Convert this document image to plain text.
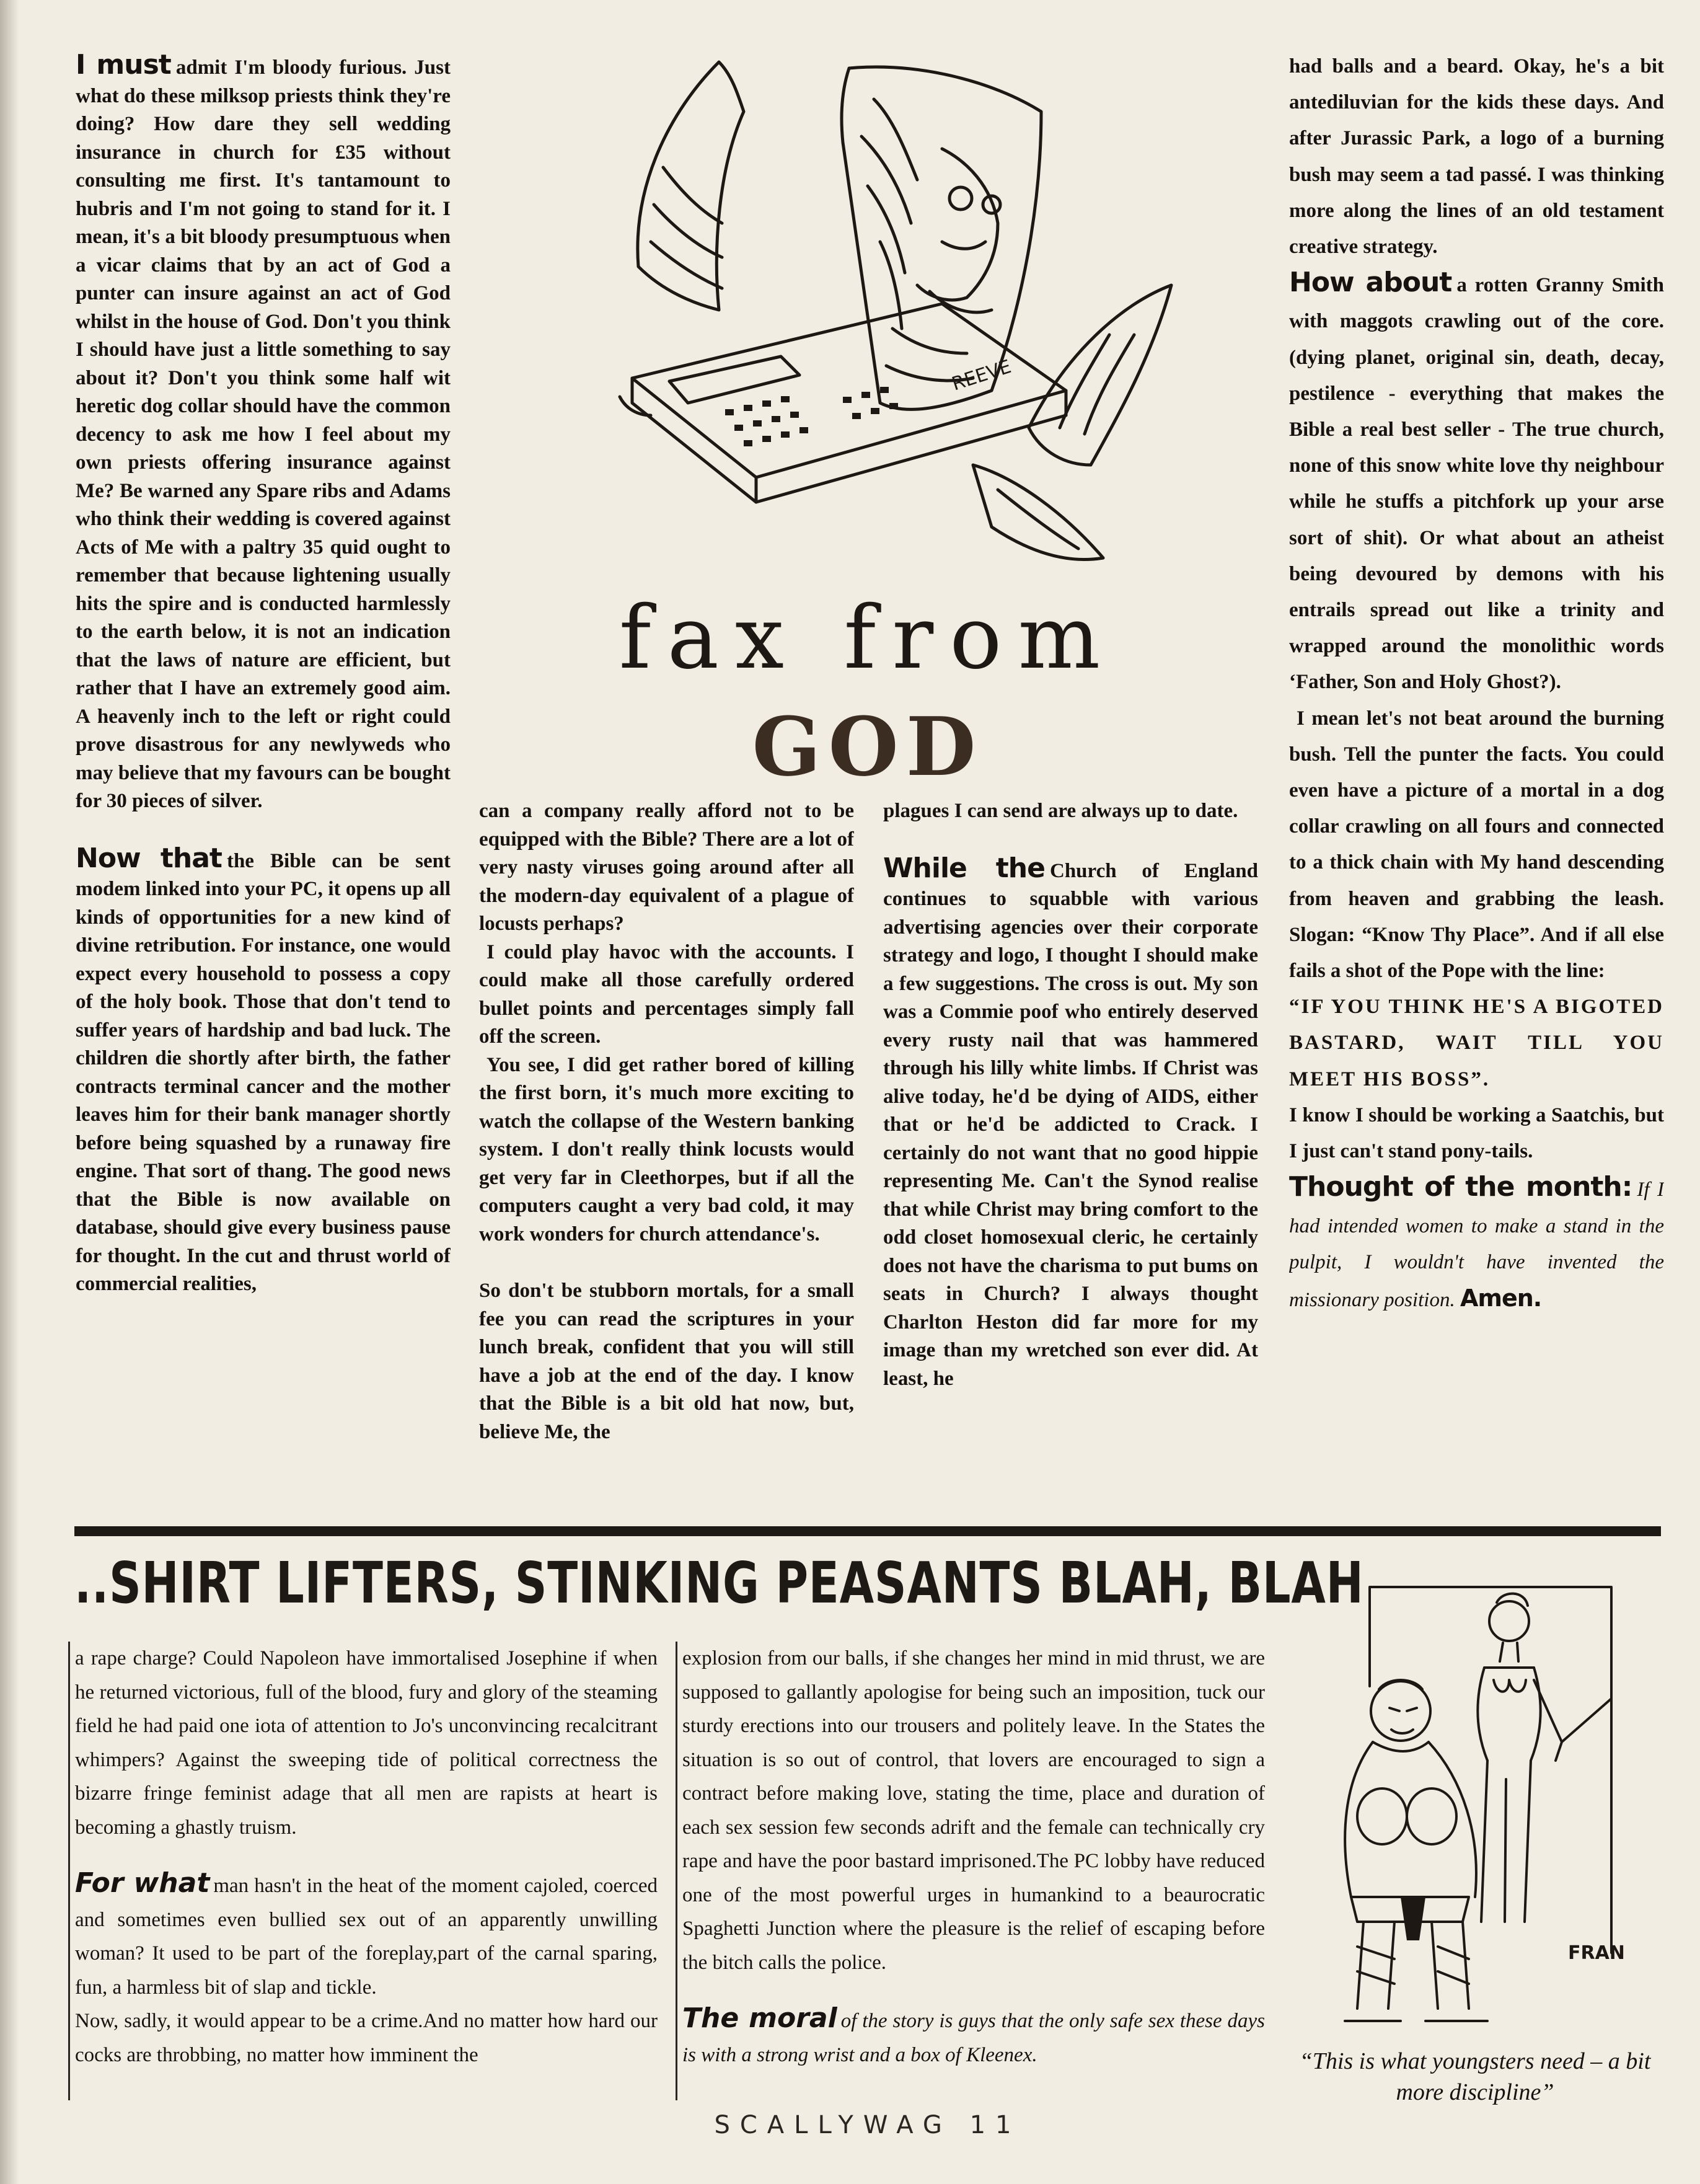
I must admit I'm bloody furious. Just what do these milksop priests think they're doing? How dare they sell wedding insurance in church for £35 without consulting me first. It's tantamount to hubris and I'm not going to stand for it. I mean, it's a bit bloody presumptuous when a vicar claims that by an act of God a punter can insure against an act of God whilst in the house of God. Don't you think I should have just a little something to say about it? Don't you think some half wit heretic dog collar should have the common decency to ask me how I feel about my own priests offering insurance against Me? Be warned any Spare ribs and Adams who think their wedding is covered against Acts of Me with a paltry 35 quid ought to remember that because lightening usually hits the spire and is conducted harmlessly to the earth below, it is not an indication that the laws of nature are efficient, but rather that I have an extremely good aim. A heavenly inch to the left or right could prove disastrous for any newlyweds who may believe that my favours can be bought for 30 pieces of silver.

Now that the Bible can be sent modem linked into your PC, it opens up all kinds of opportunities for a new kind of divine retribution. For instance, one would expect every household to possess a copy of the holy book. Those that don't tend to suffer years of hardship and bad luck. The children die shortly after birth, the father contracts terminal cancer and the mother leaves him for their bank manager shortly before being squashed by a runaway fire engine. That sort of thang. The good news that the Bible is now available on database, should give every business pause for thought. In the cut and thrust world of commercial realities,

REEVE
fax from
GOD

can a company really afford not to be equipped with the Bible? There are a lot of very nasty viruses going around after all the modern-day equivalent of a plague of locusts perhaps?

I could play havoc with the accounts. I could make all those carefully ordered bullet points and percentages simply fall off the screen.

You see, I did get rather bored of killing the first born, it's much more exciting to watch the collapse of the Western banking system. I don't really think locusts would get very far in Cleethorpes, but if all the computers caught a very bad cold, it may work wonders for church attendance's.

So don't be stubborn mortals, for a small fee you can read the scriptures in your lunch break, confident that you will still have a job at the end of the day. I know that the Bible is a bit old hat now, but, believe Me, the

plagues I can send are always up to date.

While the Church of England continues to squabble with various advertising agencies over their corporate strategy and logo, I thought I should make a few suggestions. The cross is out. My son was a Commie poof who entirely deserved every rusty nail that was hammered through his lilly white limbs. If Christ was alive today, he'd be dying of AIDS, either that or he'd be addicted to Crack. I certainly do not want that no good hippie representing Me. Can't the Synod realise that while Christ may bring comfort to the odd closet homosexual cleric, he certainly does not have the charisma to put bums on seats in Church? I always thought Charlton Heston did far more for my image than my wretched son ever did. At least, he

had balls and a beard. Okay, he's a bit antediluvian for the kids these days. And after Jurassic Park, a logo of a burning bush may seem a tad passé. I was thinking more along the lines of an old testament creative strategy.

How about a rotten Granny Smith with maggots crawling out of the core. (dying planet, original sin, death, decay, pestilence - everything that makes the Bible a real best seller - The true church, none of this snow white love thy neighbour while he stuffs a pitchfork up your arse sort of shit). Or what about an atheist being devoured by demons with his entrails spread out like a trinity and wrapped around the monolithic words ‘Father, Son and Holy Ghost?).

I mean let's not beat around the burning bush. Tell the punter the facts. You could even have a picture of a mortal in a dog collar crawling on all fours and connected to a thick chain with My hand descending from heaven and grabbing the leash. Slogan: “Know Thy Place”. And if all else fails a shot of the Pope with the line:

“IF YOU THINK HE'S A BIGOTED BASTARD, WAIT TILL YOU MEET HIS BOSS”.

I know I should be working a Saatchis, but I just can't stand pony-tails.

Thought of the month: If I had intended women to make a stand in the pulpit, I wouldn't have invented the missionary position. Amen.

..SHIRT LIFTERS, STINKING PEASANTS BLAH, BLAH

a rape charge? Could Napoleon have immortalised Josephine if when he returned victorious, full of the blood, fury and glory of the steaming field he had paid one iota of attention to Jo's unconvincing recalcitrant whimpers? Against the sweeping tide of political correctness the bizarre fringe feminist adage that all men are rapists at heart is becoming a ghastly truism.

For what man hasn't in the heat of the moment cajoled, coerced and sometimes even bullied sex out of an apparently unwilling woman? It used to be part of the foreplay,part of the carnal sparing, fun, a harmless bit of slap and tickle.

Now, sadly, it would appear to be a crime.And no matter how hard our cocks are throbbing, no matter how imminent the

explosion from our balls, if she changes her mind in mid thrust, we are supposed to gallantly apologise for being such an imposition, tuck our sturdy erections into our trousers and politely leave. In the States the situation is so out of control, that lovers are encouraged to sign a contract before making love, stating the time, place and duration of each sex session few seconds adrift and the female can technically cry rape and have the poor bastard imprisoned.The PC lobby have reduced one of the most powerful urges in humankind to a beaurocratic Spaghetti Junction where the pleasure is the relief of escaping before the bitch calls the police.

The moral of the story is guys that the only safe sex these days is with a strong wrist and a box of Kleenex.

FRAN
“This is what youngsters need – a bit more discipline”
SCALLYWAG 11
